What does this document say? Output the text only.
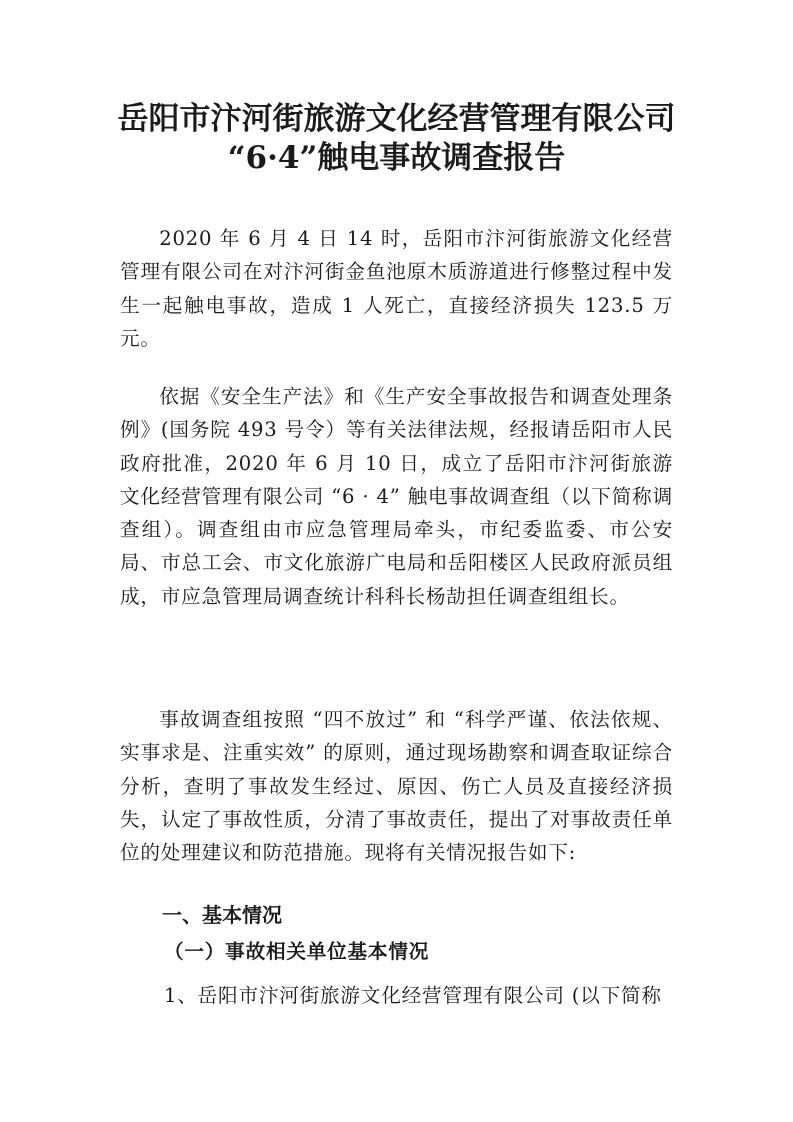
岳阳市汴河街旅游文化经营管理有限公司
“6·4”触电事故调查报告

2020 年 6 月 4 日 14 时，岳阳市汴河街旅游文化经营管理有限公司在对汴河街金鱼池原木质游道进行修整过程中发生一起触电事故，造成 1 人死亡，直接经济损失 123.5 万元。

依据《安全生产法》和《生产安全事故报告和调查处理条例》(国务院 493 号令）等有关法律法规，经报请岳阳市人民政府批准，2020 年 6 月 10 日，成立了岳阳市汴河街旅游文化经营管理有限公司 “6 · 4” 触电事故调查组（以下简称调查组）。调查组由市应急管理局牵头，市纪委监委、市公安局、市总工会、市文化旅游广电局和岳阳楼区人民政府派员组成，市应急管理局调查统计科科长杨劼担任调查组组长。

事故调查组按照 “四不放过” 和 “科学严谨、依法依规、实事求是、注重实效” 的原则，通过现场勘察和调查取证综合分析，查明了事故发生经过、原因、伤亡人员及直接经济损失，认定了事故性质，分清了事故责任，提出了对事故责任单位的处理建议和防范措施。现将有关情况报告如下:

一、基本情况
（一）事故相关单位基本情况

1、岳阳市汴河街旅游文化经营管理有限公司 (以下简称
